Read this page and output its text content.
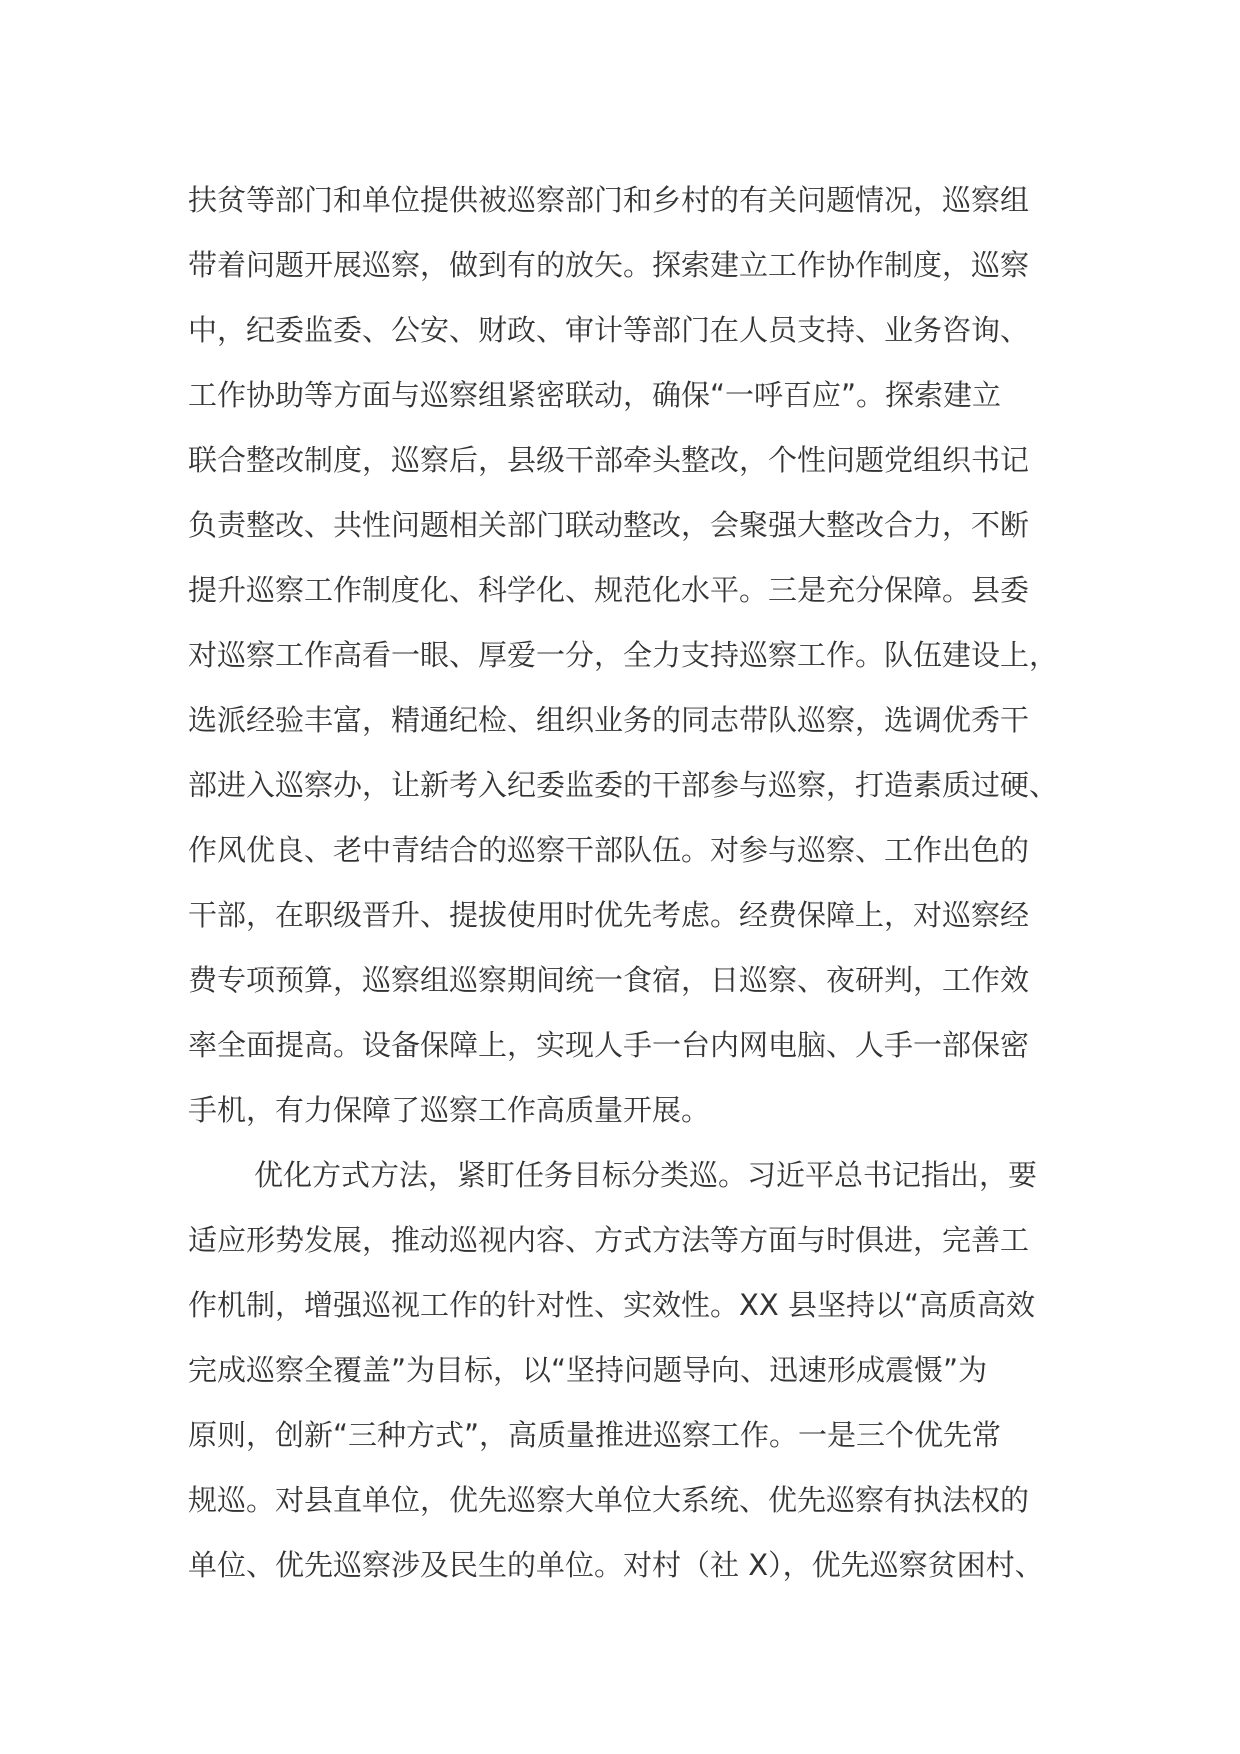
扶贫等部门和单位提供被巡察部门和乡村的有关问题情况，巡察组
带着问题开展巡察，做到有的放矢。探索建立工作协作制度，巡察
中，纪委监委、公安、财政、审计等部门在人员支持、业务咨询、
工作协助等方面与巡察组紧密联动，确保“一呼百应”。探索建立
联合整改制度，巡察后，县级干部牵头整改，个性问题党组织书记
负责整改、共性问题相关部门联动整改，会聚强大整改合力，不断
提升巡察工作制度化、科学化、规范化水平。三是充分保障。县委
对巡察工作高看一眼、厚爱一分，全力支持巡察工作。队伍建设上，
选派经验丰富，精通纪检、组织业务的同志带队巡察，选调优秀干
部进入巡察办，让新考入纪委监委的干部参与巡察，打造素质过硬、
作风优良、老中青结合的巡察干部队伍。对参与巡察、工作出色的
干部，在职级晋升、提拔使用时优先考虑。经费保障上，对巡察经
费专项预算，巡察组巡察期间统一食宿，日巡察、夜研判，工作效
率全面提高。设备保障上，实现人手一台内网电脑、人手一部保密
手机，有力保障了巡察工作高质量开展。
优化方式方法，紧盯任务目标分类巡。习近平总书记指出，要
适应形势发展，推动巡视内容、方式方法等方面与时俱进，完善工
作机制，增强巡视工作的针对性、实效性。XX 县坚持以“高质高效
完成巡察全覆盖”为目标，以“坚持问题导向、迅速形成震慑”为
原则，创新“三种方式”，高质量推进巡察工作。一是三个优先常
规巡。对县直单位，优先巡察大单位大系统、优先巡察有执法权的
单位、优先巡察涉及民生的单位。对村（社 X），优先巡察贫困村、
